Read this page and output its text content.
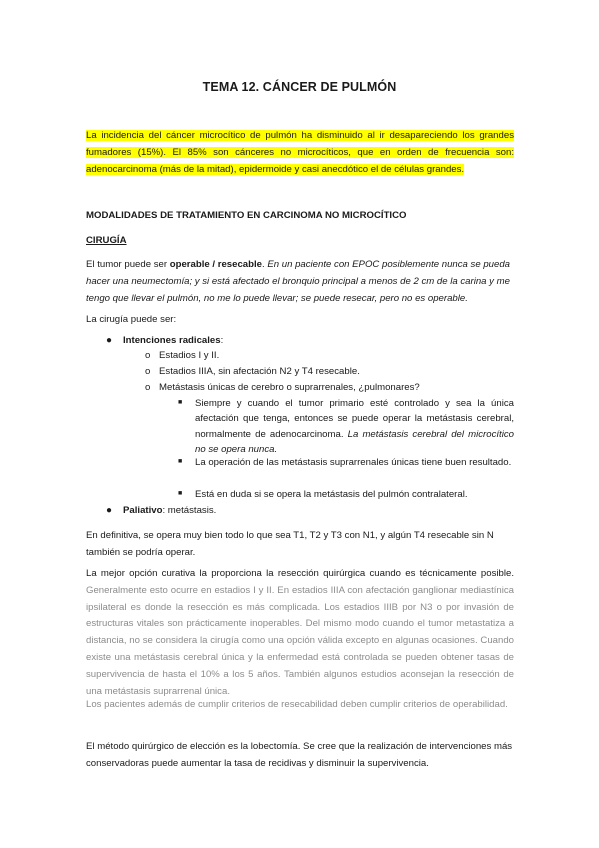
TEMA 12. CÁNCER DE PULMÓN
La incidencia del cáncer microcítico de pulmón ha disminuido al ir desapareciendo los grandes fumadores (15%). El 85% son cánceres no microcíticos, que en orden de frecuencia son: adenocarcinoma (más de la mitad), epidermoide y casi anecdótico el de células grandes.
MODALIDADES DE TRATAMIENTO EN CARCINOMA NO MICROCÍTICO
CIRUGÍA
El tumor puede ser operable / resecable. En un paciente con EPOC posiblemente nunca se pueda hacer una neumectomía; y si está afectado el bronquio principal a menos de 2 cm de la carina y me tengo que llevar el pulmón, no me lo puede llevar; se puede resecar, pero no es operable.
La cirugía puede ser:
● Intenciones radicales:
o Estadios I y II.
o Estadios IIIA, sin afectación N2 y T4 resecable.
o Metástasis únicas de cerebro o suprarrenales, ¿pulmonares?
■ Siempre y cuando el tumor primario esté controlado y sea la única afectación que tenga, entonces se puede operar la metástasis cerebral, normalmente de adenocarcinoma. La metástasis cerebral del microcítico no se opera nunca.
■ La operación de las metástasis suprarrenales únicas tiene buen resultado.
■ Está en duda si se opera la metástasis del pulmón contralateral.
● Paliativo: metástasis.
En definitiva, se opera muy bien todo lo que sea T1, T2 y T3 con N1, y algún T4 resecable sin N también se podría operar.
La mejor opción curativa la proporciona la resección quirúrgica cuando es técnicamente posible. Generalmente esto ocurre en estadios I y II. En estadios IIIA con afectación ganglionar mediastínica ipsilateral es donde la resección es más complicada. Los estadios IIIB por N3 o por invasión de estructuras vitales son prácticamente inoperables. Del mismo modo cuando el tumor metastatiza a distancia, no se considera la cirugía como una opción válida excepto en algunas ocasiones. Cuando existe una metástasis cerebral única y la enfermedad está controlada se pueden obtener tasas de supervivencia de hasta el 10% a los 5 años. También algunos estudios aconsejan la resección de una metástasis suprarrenal única.
Los pacientes además de cumplir criterios de resecabilidad deben cumplir criterios de operabilidad.
El método quirúrgico de elección es la lobectomía. Se cree que la realización de intervenciones más conservadoras puede aumentar la tasa de recidivas y disminuir la supervivencia.
